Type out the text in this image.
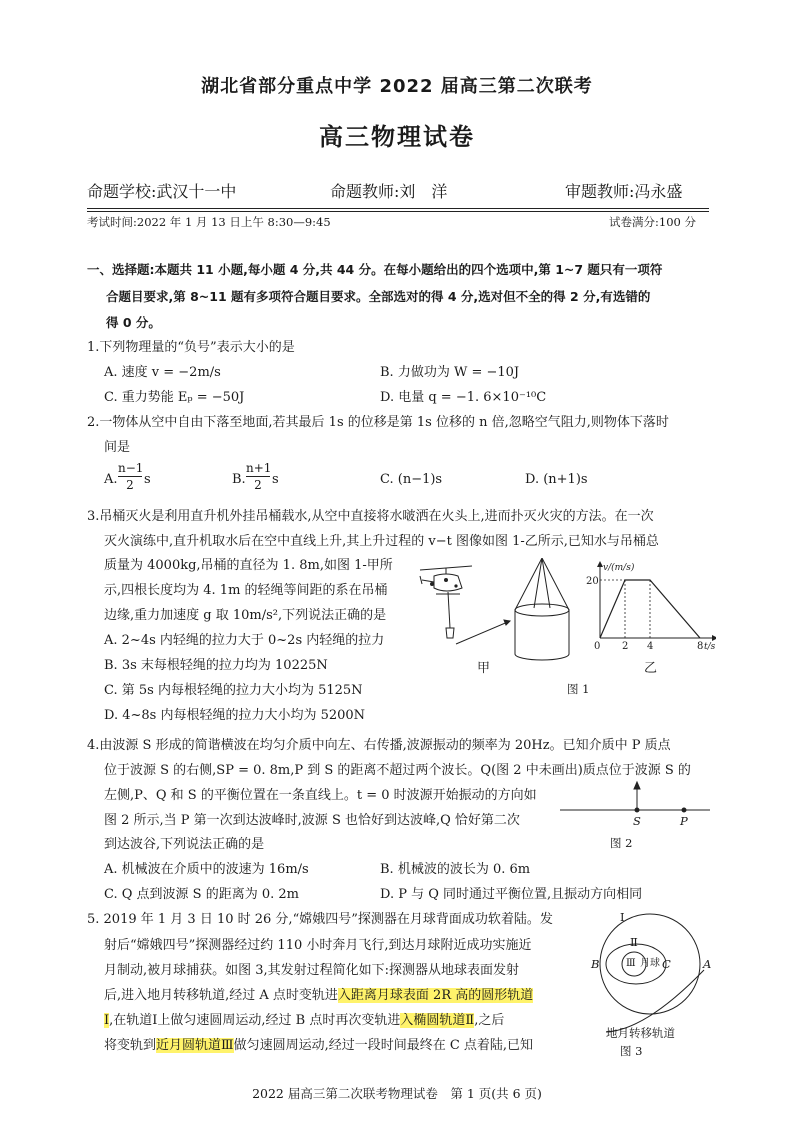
湖北省部分重点中学 2022 届高三第二次联考
高三物理试卷
命题学校:武汉十一中	命题教师:刘　洋	审题教师:冯永盛
考试时间:2022 年 1 月 13 日上午 8:30—9:45	试卷满分:100 分
一、选择题:本题共 11 小题,每小题 4 分,共 44 分。在每小题给出的四个选项中,第 1~7 题只有一项符
合题目要求,第 8~11 题有多项符合题目要求。全部选对的得 4 分,选对但不全的得 2 分,有选错的
得 0 分。
1.下列物理量的“负号”表示大小的是
A. 速度 v = −2m/s	B. 力做功为 W = −10J
C. 重力势能 Eₚ = −50J	D. 电量 q = −1. 6×10⁻¹⁰C
2.一物体从空中自由下落至地面,若其最后 1s 的位移是第 1s 位移的 n 倍,忽略空气阻力,则物体下落时
间是
A.
n−1
2 s	B.
n+1
2 s	C. (n−1)s	D. (n+1)s
3.吊桶灭火是利用直升机外挂吊桶载水,从空中直接将水啵洒在火头上,进而扑灭火灾的方法。在一次
灭火演练中,直升机取水后在空中直线上升,其上升过程的 v−t 图像如图 1-乙所示,已知水与吊桶总
质量为 4000kg,吊桶的直径为 1. 8m,如图 1-甲所
示,四根长度均为 4. 1m 的轻绳等间距的系在吊桶
边缘,重力加速度 g 取 10m/s²,下列说法正确的是
A. 2~4s 内轻绳的拉力大于 0~2s 内轻绳的拉力
B. 3s 末每根轻绳的拉力均为 10225N
C. 第 5s 内每根轻绳的拉力大小均为 5125N
D. 4~8s 内每根轻绳的拉力大小均为 5200N
甲
0 2 4	8
20
v/(m/s)
t/s
乙
图 1
4.由波源 S 形成的简谐横波在均匀介质中向左、右传播,波源振动的频率为 20Hz。已知介质中 P 质点
位于波源 S 的右侧,SP = 0. 8m,P 到 S 的距离不超过两个波长。Q(图 2 中未画出)质点位于波源 S 的
左侧,P、Q 和 S 的平衡位置在一条直线上。t = 0 时波源开始振动的方向如
图 2 所示,当 P 第一次到达波峰时,波源 S 也恰好到达波峰,Q 恰好第二次
到达波谷,下列说法正确的是
A. 机械波在介质中的波速为 16m/s	B. 机械波的波长为 0. 6m
C. Q 点到波源 S 的距离为 0. 2m	D. P 与 Q 同时通过平衡位置,且振动方向相同
S	P
图 2
5. 2019 年 1 月 3 日 10 时 26 分,“嫦娥四号”探测器在月球背面成功软着陆。发
射后“嫦娥四号”探测器经过约 110 小时奔月飞行,到达月球附近成功实施近
月制动,被月球捕获。如图 3,其发射过程简化如下:探测器从地球表面发射
后,进入地月转移轨道,经过 A 点时变轨进入距离月球表面 2R 高的圆形轨道
Ⅰ,在轨道Ⅰ上做匀速圆周运动,经过 B 点时再次变轨进入椭圆轨道Ⅱ,之后
将变轨到近月圆轨道Ⅲ做匀速圆周运动,经过一段时间最终在 C 点着陆,已知
Ⅰ
Ⅱ
Ⅲ 月球
B	C	A
地月转移轨道
图 3
2022 届高三第二次联考物理试卷　第 1 页(共 6 页)
